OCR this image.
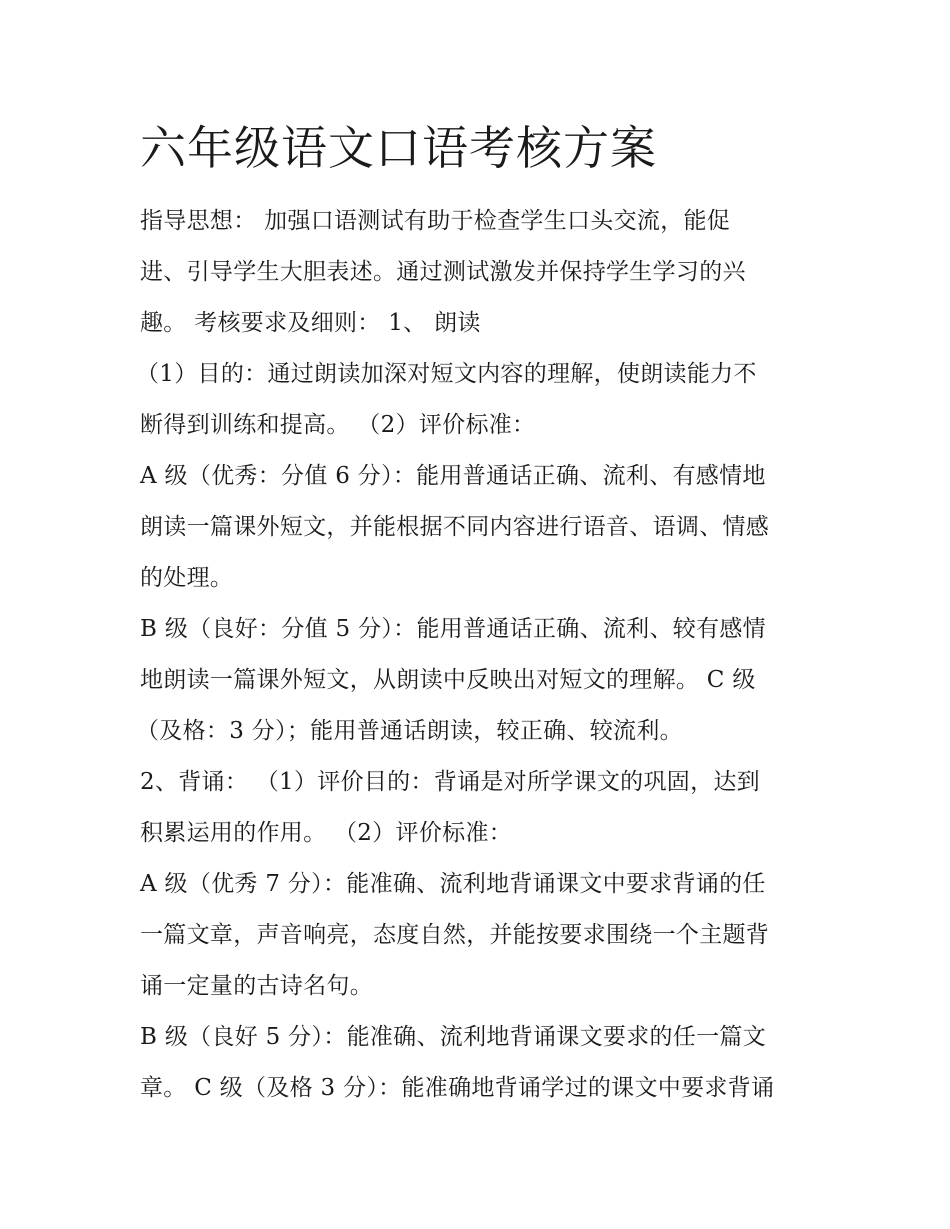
六年级语文口语考核方案

指导思想： 加强口语测试有助于检查学生口头交流，能促

进、引导学生大胆表述。通过测试激发并保持学生学习的兴

趣。 考核要求及细则： 1、 朗读

（1）目的：通过朗读加深对短文内容的理解，使朗读能力不

断得到训练和提高。 （2）评价标准：

A 级（优秀：分值 6 分）：能用普通话正确、流利、有感情地

朗读一篇课外短文，并能根据不同内容进行语音、语调、情感

的处理。

B 级（良好：分值 5 分）：能用普通话正确、流利、较有感情

地朗读一篇课外短文，从朗读中反映出对短文的理解。 C 级

（及格：3 分）；能用普通话朗读，较正确、较流利。

2、背诵： （1）评价目的：背诵是对所学课文的巩固，达到

积累运用的作用。 （2）评价标准：

A 级（优秀 7 分）：能准确、流利地背诵课文中要求背诵的任

一篇文章，声音响亮，态度自然，并能按要求围绕一个主题背

诵一定量的古诗名句。

B 级（良好 5 分）：能准确、流利地背诵课文要求的任一篇文

章。 C 级（及格 3 分）：能准确地背诵学过的课文中要求背诵
